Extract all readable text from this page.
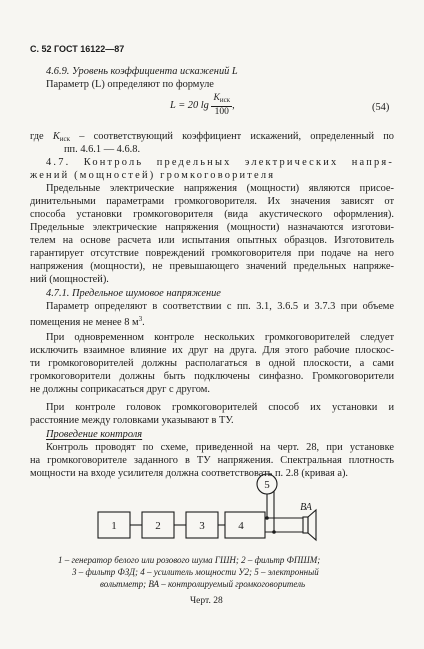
С. 52 ГОСТ 16122—87
4.6.9. Уровень коэффициента искажений L
Параметр (L) определяют по формуле
L = 20 $\lg \frac{K_{иск}}{100}$ ,	(54)
где $K_{иск}$ – соответствующий коэффициент искажений, определенный по
пп. 4.6.1 — 4.6.8.
4.7. Контроль предельных электрических напря-
жений (мощностей) громкоговорителя
Предельные электрические напряжения (мощности) являются присое-
динительными параметрами громкоговорителя. Их значения зависят от
способа установки громкоговорителя (вида акустического оформления).
Предельные электрические напряжения (мощности) назначаются изготови-
телем на основе расчета или испытания опытных образцов. Изготовитель
гарантирует отсутствие повреждений громкоговорителя при подаче на него
напряжения (мощности), не превышающего значений предельных напряже-
ний (мощностей).
4.7.1. Предельное шумовое напряжение
Параметр определяют в соответствии с пп. 3.1, 3.6.5 и 3.7.3 при объеме
помещения не менее 8 $м^3$.
При одновременном контроле нескольких громкоговорителей следует
исключить взаимное влияние их друг на друга. Для этого рабочие плоскос-
ти громкоговорителей должны располагаться в одной плоскости, а сами
громкоговорители должны быть подключены синфазно. Громкоговорители
не должны соприкасаться друг с другом.
При контроле головок громкоговорителей способ их установки и
расстояние между головками указывают в ТУ.
Проведение контроля
Контроль проводят по схеме, приведенной на черт. 28, при установке
на громкоговорителе заданного в ТУ напряжения. Спектральная плотность
мощности на входе усилителя должна соответствовать п. 2.8 (кривая а).
1	2	3	4
5
ВА
1 – генератор белого или розового шума ГШН; 2 – фильтр ФПШМ;
3 – фильтр ФЗД; 4 – усилитель мощности У2; 5 – электронный
вольтметр; ВА – контролируемый громкоговоритель
Черт. 28
